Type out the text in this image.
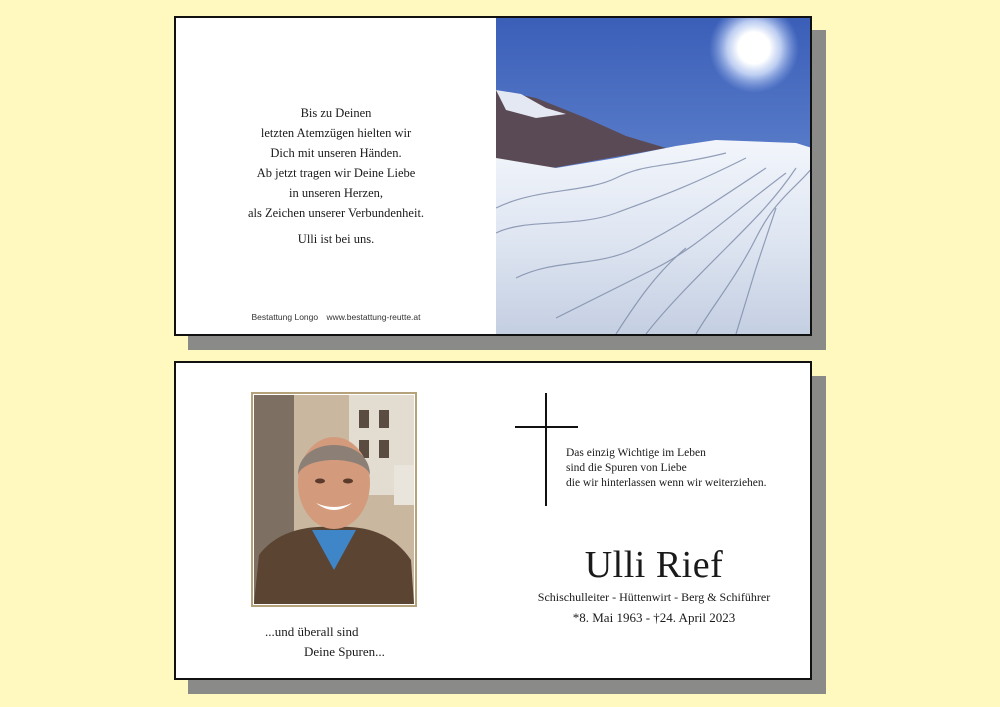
Bis zu Deinen
letzten Atemzügen hielten wir
Dich mit unseren Händen.
Ab jetzt tragen wir Deine Liebe
in unseren Herzen,
als Zeichen unserer Verbundenheit.
Ulli ist bei uns.
Bestattung Longo www.bestattung-reutte.at
...und überall sind
Deine Spuren...
Das einzig Wichtige im Leben
sind die Spuren von Liebe
die wir hinterlassen wenn wir weiterziehen.
Ulli Rief
Schischulleiter - Hüttenwirt - Berg & Schiführer
*8. Mai 1963 - †24. April 2023
